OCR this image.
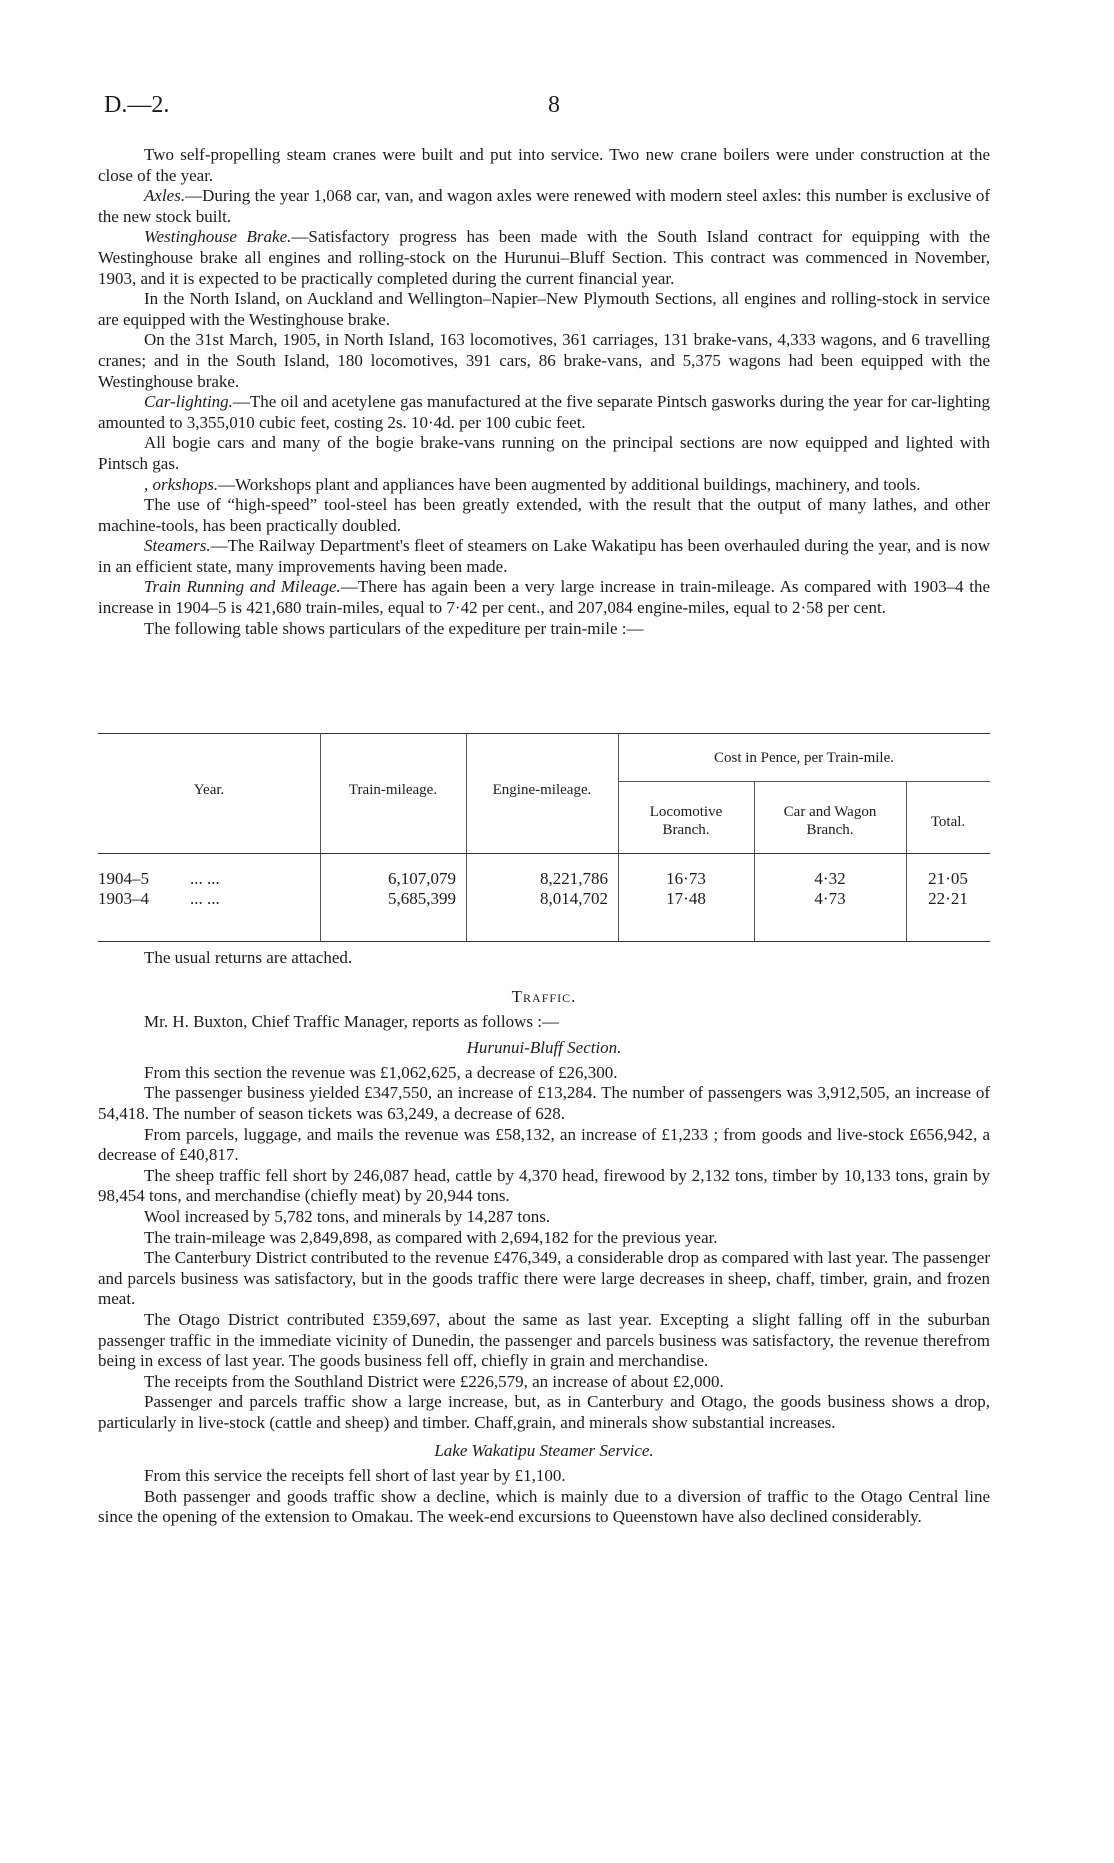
D.—2.	8

Two self-propelling steam cranes were built and put into service. Two new crane boilers were under construction at the close of the year.

Axles.—During the year 1,068 car, van, and wagon axles were renewed with modern steel axles: this number is exclusive of the new stock built.

Westinghouse Brake.—Satisfactory progress has been made with the South Island contract for equipping with the Westinghouse brake all engines and rolling-stock on the Hurunui–Bluff Section. This contract was commenced in November, 1903, and it is expected to be practically completed during the current financial year.

In the North Island, on Auckland and Wellington–Napier–New Plymouth Sections, all engines and rolling-stock in service are equipped with the Westinghouse brake.

On the 31st March, 1905, in North Island, 163 locomotives, 361 carriages, 131 brake-vans, 4,333 wagons, and 6 travelling cranes; and in the South Island, 180 locomotives, 391 cars, 86 brake-vans, and 5,375 wagons had been equipped with the Westinghouse brake.

Car-lighting.—The oil and acetylene gas manufactured at the five separate Pintsch gasworks during the year for car-lighting amounted to 3,355,010 cubic feet, costing 2s. 10·4d. per 100 cubic feet.

All bogie cars and many of the bogie brake-vans running on the principal sections are now equipped and lighted with Pintsch gas.

, orkshops.—Workshops plant and appliances have been augmented by additional buildings, machinery, and tools.

The use of “high-speed” tool-steel has been greatly extended, with the result that the output of many lathes, and other machine-tools, has been practically doubled.

Steamers.—The Railway Department's fleet of steamers on Lake Wakatipu has been overhauled during the year, and is now in an efficient state, many improvements having been made.

Train Running and Mileage.—There has again been a very large increase in train-mileage. As compared with 1903–4 the increase in 1904–5 is 421,680 train-miles, equal to 7·42 per cent., and 207,084 engine-miles, equal to 2·58 per cent.

The following table shows particulars of the expediture per train-mile :—

Year.	Train-mileage.	Engine-mileage.
Cost in Pence, per Train-mile.
Locomotive Branch.
Car and Wagon Branch.	Total.
1904–5 ... ...	6,107,079	8,221,786	16·73	4·32	21·05
1903–4 ... ...	5,685,399	8,014,702	17·48	4·73	22·21
The usual returns are attached.

Traffic.

Mr. H. Buxton, Chief Traffic Manager, reports as follows :—

Hurunui-Bluff Section.

From this section the revenue was £1,062,625, a decrease of £26,300.

The passenger business yielded £347,550, an increase of £13,284. The number of passengers was 3,912,505, an increase of 54,418. The number of season tickets was 63,249, a decrease of 628.

From parcels, luggage, and mails the revenue was £58,132, an increase of £1,233 ; from goods and live-stock £656,942, a decrease of £40,817.

The sheep traffic fell short by 246,087 head, cattle by 4,370 head, firewood by 2,132 tons, timber by 10,133 tons, grain by 98,454 tons, and merchandise (chiefly meat) by 20,944 tons.

Wool increased by 5,782 tons, and minerals by 14,287 tons.

The train-mileage was 2,849,898, as compared with 2,694,182 for the previous year.

The Canterbury District contributed to the revenue £476,349, a considerable drop as compared with last year. The passenger and parcels business was satisfactory, but in the goods traffic there were large decreases in sheep, chaff, timber, grain, and frozen meat.

The Otago District contributed £359,697, about the same as last year. Excepting a slight falling off in the suburban passenger traffic in the immediate vicinity of Dunedin, the passenger and parcels business was satisfactory, the revenue therefrom being in excess of last year. The goods business fell off, chiefly in grain and merchandise.

The receipts from the Southland District were £226,579, an increase of about £2,000.

Passenger and parcels traffic show a large increase, but, as in Canterbury and Otago, the goods business shows a drop, particularly in live-stock (cattle and sheep) and timber. Chaff,grain, and minerals show substantial increases.

Lake Wakatipu Steamer Service.

From this service the receipts fell short of last year by £1,100.

Both passenger and goods traffic show a decline, which is mainly due to a diversion of traffic to the Otago Central line since the opening of the extension to Omakau. The week-end excursions to Queenstown have also declined considerably.
